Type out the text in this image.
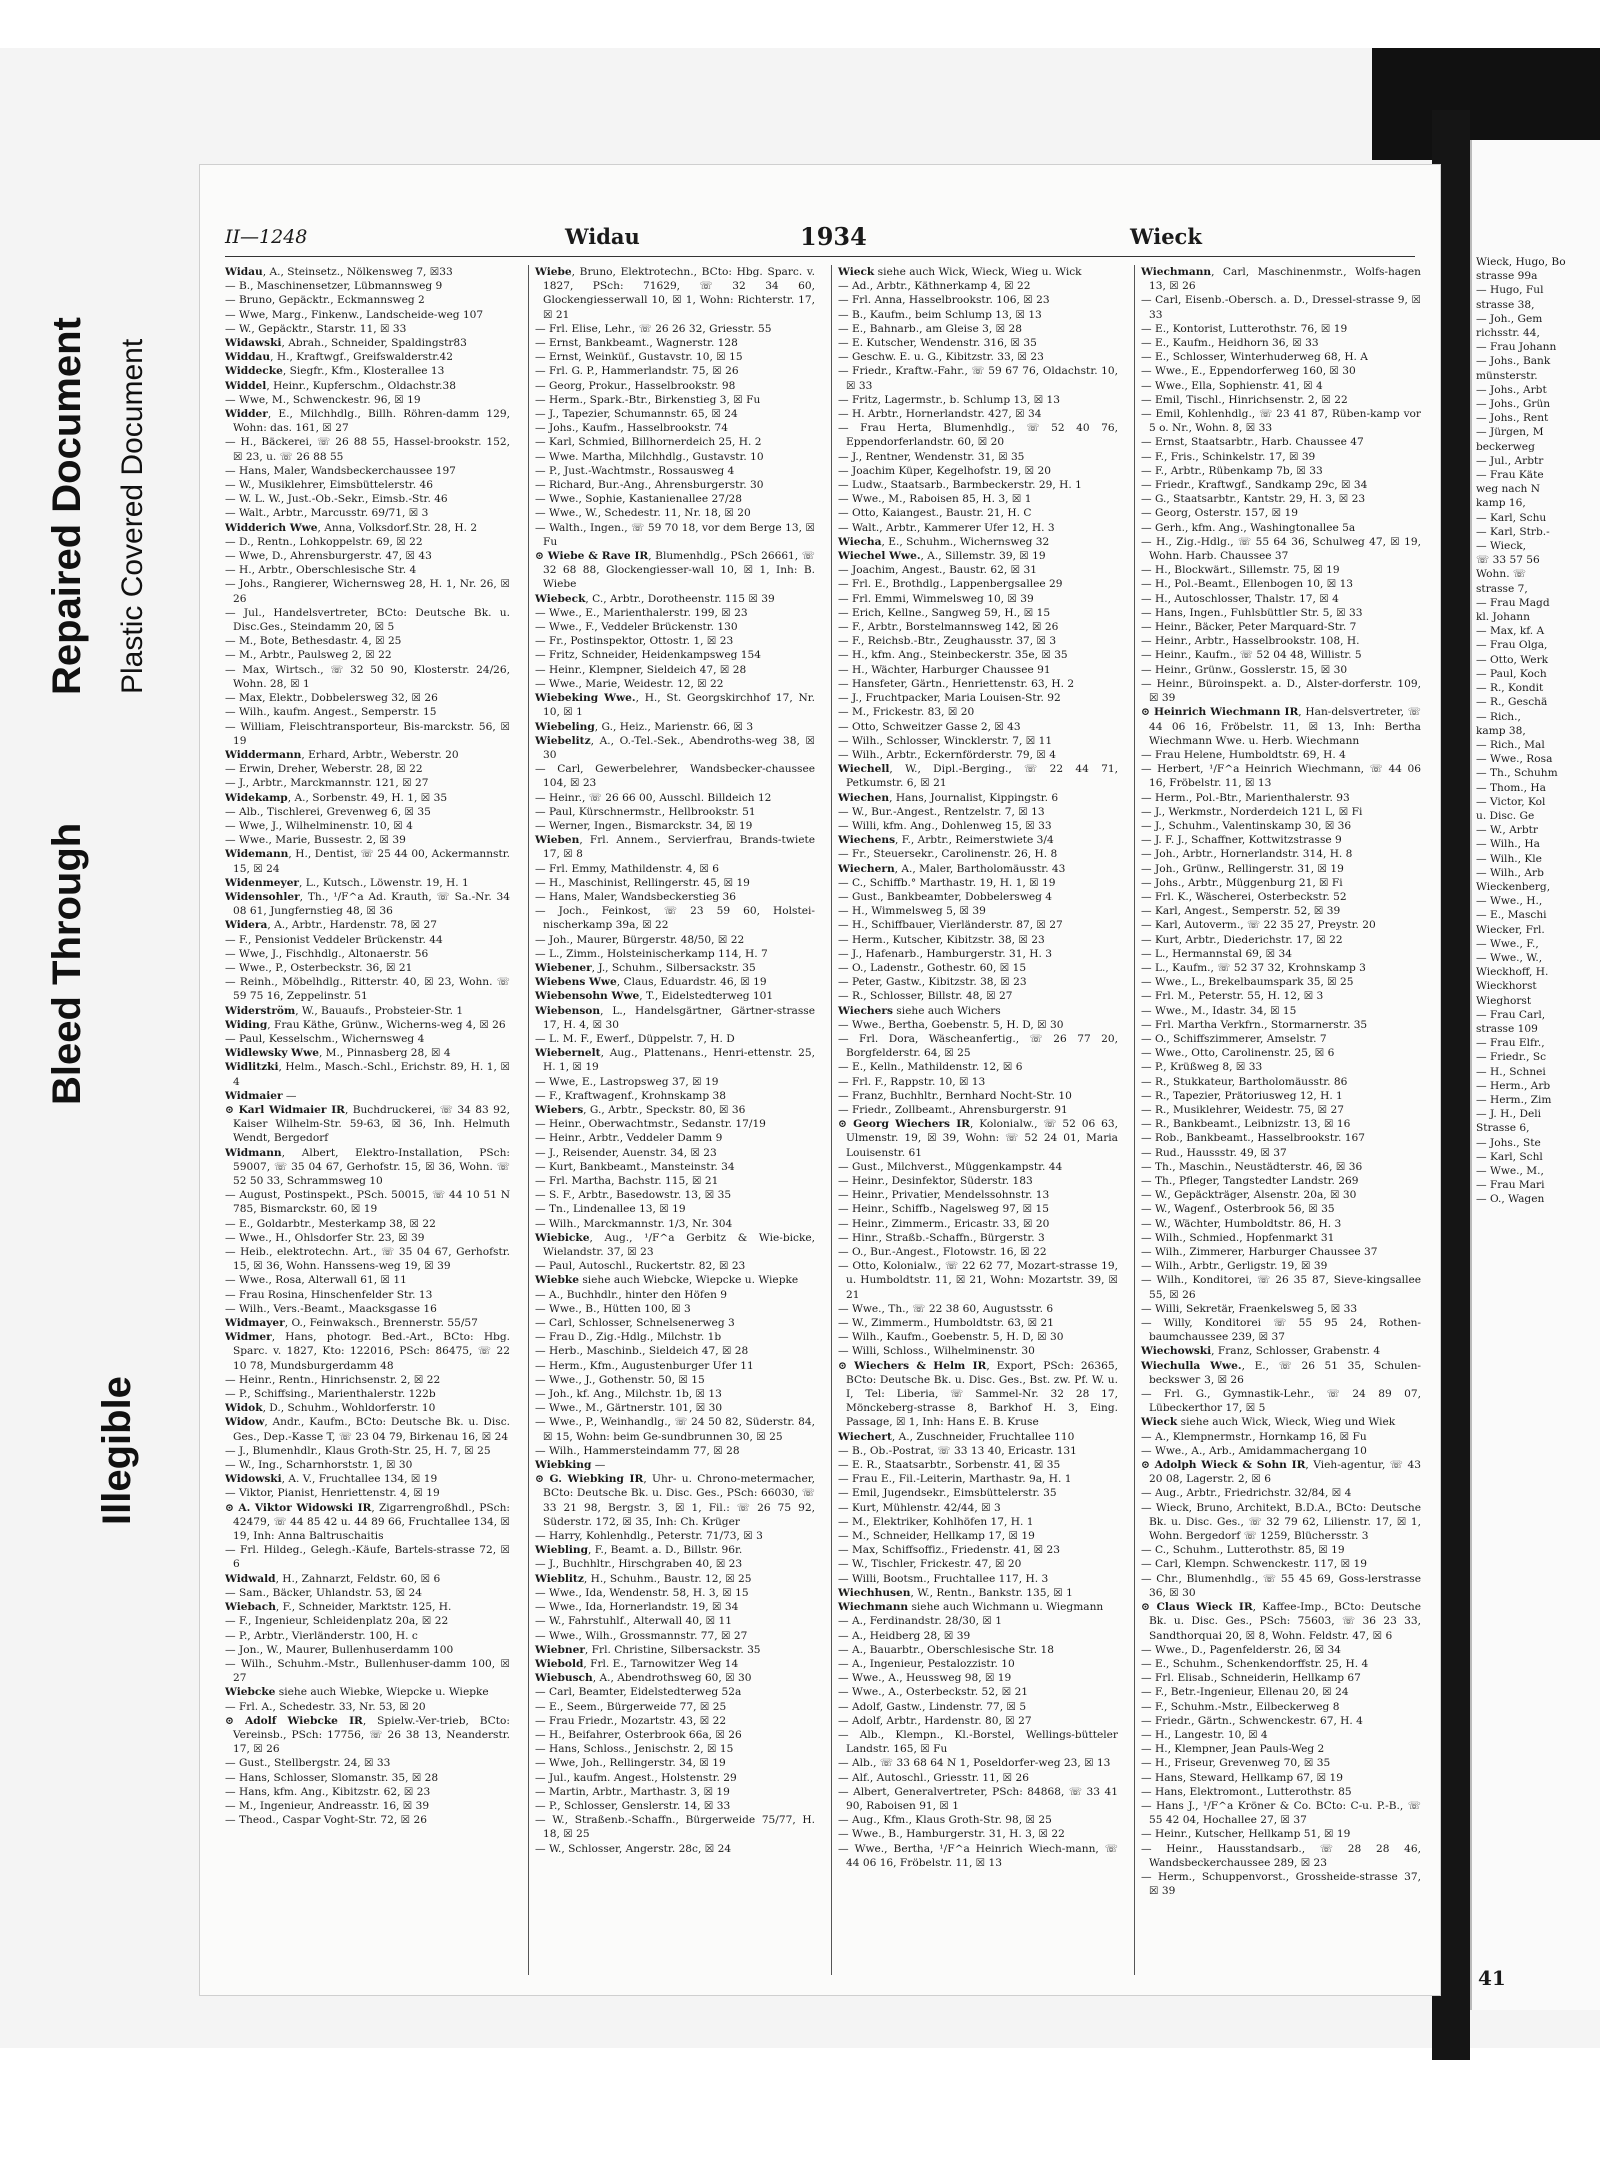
Bleed Through
Repaired Document Plastic Covered Document
Illegible
II—1248	Widau	1934	Wieck

Widau, A., Steinsetz., Nölkensweg 7, ☒33

— B., Maschinensetzer, Lübmannsweg 9

— Bruno, Gepäcktr., Eckmannsweg 2

— Wwe, Marg., Finkenw., Landscheide-weg 107

— W., Gepäcktr., Starstr. 11, ☒ 33

Widawski, Abrah., Schneider, Spaldingstr83

Widdau, H., Kraftwgf., Greifswalderstr.42

Widdecke, Siegfr., Kfm., Klosterallee 13

Widdel, Heinr., Kupferschm., Oldachstr.38

— Wwe, M., Schwenckestr. 96, ☒ 19

Widder, E., Milchhdlg., Billh. Röhren-damm 129, Wohn: das. 161, ☒ 27

— H., Bäckerei, ☏ 26 88 55, Hassel-brookstr. 152, ☒ 23, u. ☏ 26 88 55

— Hans, Maler, Wandsbeckerchaussee 197

— W., Musiklehrer, Eimsbüttelerstr. 46

— W. L. W., Just.-Ob.-Sekr., Eimsb.-Str. 46

— Walt., Arbtr., Marcusstr. 69/71, ☒ 3

Widderich Wwe, Anna, Volksdorf.Str. 28, H. 2

— D., Rentn., Lohkoppelstr. 69, ☒ 22

— Wwe, D., Ahrensburgerstr. 47, ☒ 43

— H., Arbtr., Oberschlesische Str. 4

— Johs., Rangierer, Wichernsweg 28, H. 1, Nr. 26, ☒ 26

— Jul., Handelsvertreter, BCto: Deutsche Bk. u. Disc.Ges., Steindamm 20, ☒ 5

— M., Bote, Bethesdastr. 4, ☒ 25

— M., Arbtr., Paulsweg 2, ☒ 22

— Max, Wirtsch., ☏ 32 50 90, Klosterstr. 24/26, Wohn. 28, ☒ 1

— Max, Elektr., Dobbelersweg 32, ☒ 26

— Wilh., kaufm. Angest., Semperstr. 15

— William, Fleischtransporteur, Bis-marckstr. 56, ☒ 19

Widdermann, Erhard, Arbtr., Weberstr. 20

— Erwin, Dreher, Weberstr. 28, ☒ 22

— J., Arbtr., Marckmannstr. 121, ☒ 27

Widekamp, A., Sorbenstr. 49, H. 1, ☒ 35

— Alb., Tischlerei, Grevenweg 6, ☒ 35

— Wwe, J., Wilhelminenstr. 10, ☒ 4

— Wwe., Marie, Bussestr. 2, ☒ 39

Widemann, H., Dentist, ☏ 25 44 00, Ackermannstr. 15, ☒ 24

Widenmeyer, L., Kutsch., Löwenstr. 19, H. 1

Widensohler, Th., ¹/F^a Ad. Krauth, ☏ Sa.-Nr. 34 08 61, Jungfernstieg 48, ☒ 36

Widera, A., Arbtr., Hardenstr. 78, ☒ 27

— F., Pensionist Veddeler Brückenstr. 44

— Wwe, J., Fischhdlg., Altonaerstr. 56

— Wwe., P., Osterbeckstr. 36, ☒ 21

— Reinh., Möbelhdlg., Ritterstr. 40, ☒ 23, Wohn. ☏ 59 75 16, Zeppelinstr. 51

Widerström, W., Bauaufs., Probsteier-Str. 1

Widing, Frau Käthe, Grünw., Wicherns-weg 4, ☒ 26

— Paul, Kesselschm., Wichernsweg 4

Widlewsky Wwe, M., Pinnasberg 28, ☒ 4

Widlitzki, Helm., Masch.-Schl., Erichstr. 89, H. 1, ☒ 4

Widmaier —

⊙ Karl Widmaier IR, Buchdruckerei, ☏ 34 83 92, Kaiser Wilhelm-Str. 59-63, ☒ 36, Inh. Helmuth Wendt, Bergedorf

Widmann, Albert, Elektro-Installation, PSch: 59007, ☏ 35 04 67, Gerhofstr. 15, ☒ 36, Wohn. ☏ 52 50 33, Schrammsweg 10

— August, Postinspekt., PSch. 50015, ☏ 44 10 51 N 785, Bismarckstr. 60, ☒ 19

— E., Goldarbtr., Mesterkamp 38, ☒ 22

— Wwe., H., Ohlsdorfer Str. 23, ☒ 39

— Heib., elektrotechn. Art., ☏ 35 04 67, Gerhofstr. 15, ☒ 36, Wohn. Hanssens-weg 19, ☒ 39

— Wwe., Rosa, Alterwall 61, ☒ 11

— Frau Rosina, Hinschenfelder Str. 13

— Wilh., Vers.-Beamt., Maacksgasse 16

Widmayer, O., Feinwaksch., Brennerstr. 55/57

Widmer, Hans, photogr. Bed.-Art., BCto: Hbg. Sparc. v. 1827, Kto: 122016, PSch: 86475, ☏ 22 10 78, Mundsburgerdamm 48

— Heinr., Rentn., Hinrichsenstr. 2, ☒ 22

— P., Schiffsing., Marienthalerstr. 122b

Widok, D., Schuhm., Wohldorferstr. 10

Widow, Andr., Kaufm., BCto: Deutsche Bk. u. Disc. Ges., Dep.-Kasse T, ☏ 23 04 79, Birkenau 16, ☒ 24

— J., Blumenhdlr., Klaus Groth-Str. 25, H. 7, ☒ 25

— W., Ing., Scharnhorststr. 1, ☒ 30

Widowski, A. V., Fruchtallee 134, ☒ 19

— Viktor, Pianist, Henriettenstr. 4, ☒ 19

⊙ A. Viktor Widowski IR, Zigarrengroßhdl., PSch: 42479, ☏ 44 85 42 u. 44 89 66, Fruchtallee 134, ☒ 19, Inh: Anna Baltruschaitis

— Frl. Hildeg., Gelegh.-Käufe, Bartels-strasse 72, ☒ 6

Widwald, H., Zahnarzt, Feldstr. 60, ☒ 6

— Sam., Bäcker, Uhlandstr. 53, ☒ 24

Wiebach, F., Schneider, Marktstr. 125, H.

— F., Ingenieur, Schleidenplatz 20a, ☒ 22

— P., Arbtr., Vierländerstr. 100, H. c

— Jon., W., Maurer, Bullenhuserdamm 100

— Wilh., Schuhm.-Mstr., Bullenhuser-damm 100, ☒ 27

Wiebcke siehe auch Wiebke, Wiepcke u. Wiepke

— Frl. A., Schedestr. 33, Nr. 53, ☒ 20

⊙ Adolf Wiebcke IR, Spielw.-Ver-trieb, BCto: Vereinsb., PSch: 17756, ☏ 26 38 13, Neanderstr. 17, ☒ 26

— Gust., Stellbergstr. 24, ☒ 33

— Hans, Schlosser, Slomanstr. 35, ☒ 28

— Hans, kfm. Ang., Kibitzstr. 62, ☒ 23

— M., Ingenieur, Andreasstr. 16, ☒ 39

— Theod., Caspar Voght-Str. 72, ☒ 26

Wiebe, Bruno, Elektrotechn., BCto: Hbg. Sparc. v. 1827, PSch: 71629, ☏ 32 34 60, Glockengiesserwall 10, ☒ 1, Wohn: Richterstr. 17, ☒ 21

— Frl. Elise, Lehr., ☏ 26 26 32, Griesstr. 55

— Ernst, Bankbeamt., Wagnerstr. 128

— Ernst, Weinküf., Gustavstr. 10, ☒ 15

— Frl. G. P., Hammerlandstr. 75, ☒ 26

— Georg, Prokur., Hasselbrookstr. 98

— Herm., Spark.-Btr., Birkenstieg 3, ☒ Fu

— J., Tapezier, Schumannstr. 65, ☒ 24

— Johs., Kaufm., Hasselbrookstr. 74

— Karl, Schmied, Billhornerdeich 25, H. 2

— Wwe. Martha, Milchhdlg., Gustavstr. 10

— P., Just.-Wachtmstr., Rossausweg 4

— Richard, Bur.-Ang., Ahrensburgerstr. 30

— Wwe., Sophie, Kastanienallee 27/28

— Wwe., W., Schedestr. 11, Nr. 18, ☒ 20

— Walth., Ingen., ☏ 59 70 18, vor dem Berge 13, ☒ Fu

⊙ Wiebe & Rave IR, Blumenhdlg., PSch 26661, ☏ 32 68 88, Glockengiesser-wall 10, ☒ 1, Inh: B. Wiebe

Wiebeck, C., Arbtr., Dorotheenstr. 115 ☒ 39

— Wwe., E., Marienthalerstr. 199, ☒ 23

— Wwe., F., Veddeler Brückenstr. 130

— Fr., Postinspektor, Ottostr. 1, ☒ 23

— Fritz, Schneider, Heidenkampsweg 154

— Heinr., Klempner, Sieldeich 47, ☒ 28

— Wwe., Marie, Weidestr. 12, ☒ 22

Wiebeking Wwe., H., St. Georgskirchhof 17, Nr. 10, ☒ 1

Wiebeling, G., Heiz., Marienstr. 66, ☒ 3

Wiebelitz, A., O.-Tel.-Sek., Abendroths-weg 38, ☒ 30

— Carl, Gewerbelehrer, Wandsbecker-chaussee 104, ☒ 23

— Heinr., ☏ 26 66 00, Ausschl. Billdeich 12

— Paul, Kürschnermstr., Hellbrookstr. 51

— Werner, Ingen., Bismarckstr. 34, ☒ 19

Wieben, Frl. Annem., Servierfrau, Brands-twiete 17, ☒ 8

— Frl. Emmy, Mathildenstr. 4, ☒ 6

— H., Maschinist, Rellingerstr. 45, ☒ 19

— Hans, Maler, Wandsbeckerstieg 36

— Joch., Feinkost, ☏ 23 59 60, Holstei-nischerkamp 39a, ☒ 22

— Joh., Maurer, Bürgerstr. 48/50, ☒ 22

— L., Zimm., Holsteinischerkamp 114, H. 7

Wiebener, J., Schuhm., Silbersackstr. 35

Wiebens Wwe, Claus, Eduardstr. 46, ☒ 19

Wiebensohn Wwe, T., Eidelstedterweg 101

Wiebenson, L., Handelsgärtner, Gärtner-strasse 17, H. 4, ☒ 30

— L. M. F., Ewerf., Düppelstr. 7, H. D

Wiebernelt, Aug., Plattenans., Henri-ettenstr. 25, H. 1, ☒ 19

— Wwe, E., Lastropsweg 37, ☒ 19

— F., Kraftwagenf., Krohnskamp 38

Wiebers, G., Arbtr., Speckstr. 80, ☒ 36

— Heinr., Oberwachtmstr., Sedanstr. 17/19

— Heinr., Arbtr., Veddeler Damm 9

— J., Reisender, Auenstr. 34, ☒ 23

— Kurt, Bankbeamt., Mansteinstr. 34

— Frl. Martha, Bachstr. 115, ☒ 21

— S. F., Arbtr., Basedowstr. 13, ☒ 35

— Tn., Lindenallee 13, ☒ 19

— Wilh., Marckmannstr. 1/3, Nr. 304

Wiebicke, Aug., ¹/F^a Gerbitz & Wie-bicke, Wielandstr. 37, ☒ 23

— Paul, Autoschl., Ruckertstr. 82, ☒ 23

Wiebke siehe auch Wiebcke, Wiepcke u. Wiepke

— A., Buchhdlr., hinter den Höfen 9

— Wwe., B., Hütten 100, ☒ 3

— Carl, Schlosser, Schnelsenerweg 3

— Frau D., Zig.-Hdlg., Milchstr. 1b

— Herb., Maschinb., Sieldeich 47, ☒ 28

— Herm., Kfm., Augustenburger Ufer 11

— Wwe., J., Gothenstr. 50, ☒ 15

— Joh., kf. Ang., Milchstr. 1b, ☒ 13

— Wwe., M., Gärtnerstr. 101, ☒ 30

— Wwe., P., Weinhandlg., ☏ 24 50 82, Süderstr. 84, ☒ 15, Wohn: beim Ge-sundbrunnen 30, ☒ 25

— Wilh., Hammersteindamm 77, ☒ 28

Wiebking —

⊙ G. Wiebking IR, Uhr- u. Chrono-metermacher, BCto: Deutsche Bk. u. Disc. Ges., PSch: 66030, ☏ 33 21 98, Bergstr. 3, ☒ 1, Fil.: ☏ 26 75 92, Süderstr. 172, ☒ 35, Inh: Ch. Krüger

— Harry, Kohlenhdlg., Peterstr. 71/73, ☒ 3

Wiebling, F., Beamt. a. D., Billstr. 96r.

— J., Buchhltr., Hirschgraben 40, ☒ 23

Wieblitz, H., Schuhm., Baustr. 12, ☒ 25

— Wwe., Ida, Wendenstr. 58, H. 3, ☒ 15

— Wwe., Ida, Hornerlandstr. 19, ☒ 34

— W., Fahrstuhlf., Alterwall 40, ☒ 11

— Wwe., Wilh., Grossmannstr. 77, ☒ 27

Wiebner, Frl. Christine, Silbersackstr. 35

Wiebold, Frl. E., Tarnowitzer Weg 14

Wiebusch, A., Abendrothsweg 60, ☒ 30

— Carl, Beamter, Eidelstedterweg 52a

— E., Seem., Bürgerweide 77, ☒ 25

— Frau Friedr., Mozartstr. 43, ☒ 22

— H., Beifahrer, Osterbrook 66a, ☒ 26

— Hans, Schloss., Jenischstr. 2, ☒ 15

— Wwe, Joh., Rellingerstr. 34, ☒ 19

— Jul., kaufm. Angest., Holstenstr. 29

— Martin, Arbtr., Marthastr. 3, ☒ 19

— P., Schlosser, Genslerstr. 14, ☒ 33

— W., Straßenb.-Schaffn., Bürgerweide 75/77, H. 18, ☒ 25

— W., Schlosser, Angerstr. 28c, ☒ 24

Wieck siehe auch Wick, Wieck, Wieg u. Wick

— Ad., Arbtr., Käthnerkamp 4, ☒ 22

— Frl. Anna, Hasselbrookstr. 106, ☒ 23

— B., Kaufm., beim Schlump 13, ☒ 13

— E., Bahnarb., am Gleise 3, ☒ 28

— E. Kutscher, Wendenstr. 316, ☒ 35

— Geschw. E. u. G., Kibitzstr. 33, ☒ 23

— Friedr., Kraftw.-Fahr., ☏ 59 67 76, Oldachstr. 10, ☒ 33

— Fritz, Lagermstr., b. Schlump 13, ☒ 13

— H. Arbtr., Hornerlandstr. 427, ☒ 34

— Frau Herta, Blumenhdlg., ☏ 52 40 76, Eppendorferlandstr. 60, ☒ 20

— J., Rentner, Wendenstr. 31, ☒ 35

— Joachim Küper, Kegelhofstr. 19, ☒ 20

— Ludw., Staatsarb., Barmbeckerstr. 29, H. 1

— Wwe., M., Raboisen 85, H. 3, ☒ 1

— Otto, Kaiangest., Baustr. 21, H. C

— Walt., Arbtr., Kammerer Ufer 12, H. 3

Wiecha, E., Schuhm., Wichernsweg 32

Wiechel Wwe., A., Sillemstr. 39, ☒ 19

— Joachim, Angest., Baustr. 62, ☒ 31

— Frl. E., Brothdlg., Lappenbergsallee 29

— Frl. Emmi, Wimmelsweg 10, ☒ 39

— Erich, Kellne., Sangweg 59, H., ☒ 15

— F., Arbtr., Borstelmannsweg 142, ☒ 26

— F., Reichsb.-Btr., Zeughausstr. 37, ☒ 3

— H., kfm. Ang., Steinbeckerstr. 35e, ☒ 35

— H., Wächter, Harburger Chaussee 91

— Hansfeter, Gärtn., Henriettenstr. 63, H. 2

— J., Fruchtpacker, Maria Louisen-Str. 92

— M., Frickestr. 83, ☒ 20

— Otto, Schweitzer Gasse 2, ☒ 43

— Wilh., Schlosser, Wincklerstr. 7, ☒ 11

— Wilh., Arbtr., Eckernförderstr. 79, ☒ 4

Wiechell, W., Dipl.-Berging., ☏ 22 44 71, Petkumstr. 6, ☒ 21

Wiechen, Hans, Journalist, Kippingstr. 6

— W., Bur.-Angest., Rentzelstr. 7, ☒ 13

— Willi, kfm. Ang., Dohlenweg 15, ☒ 33

Wiechens, F., Arbtr., Reimerstwiete 3/4

— Fr., Steuersekr., Carolinenstr. 26, H. 8

Wiechern, A., Maler, Bartholomäusstr. 43

— C., Schiffb.° Marthastr. 19, H. 1, ☒ 19

— Gust., Bankbeamter, Dobbelersweg 4

— H., Wimmelsweg 5, ☒ 39

— H., Schiffbauer, Vierländerstr. 87, ☒ 27

— Herm., Kutscher, Kibitzstr. 38, ☒ 23

— J., Hafenarb., Hamburgerstr. 31, H. 3

— O., Ladenstr., Gothestr. 60, ☒ 15

— Peter, Gastw., Kibitzstr. 38, ☒ 23

— R., Schlosser, Billstr. 48, ☒ 27

Wiechers siehe auch Wichers

— Wwe., Bertha, Goebenstr. 5, H. D, ☒ 30

— Frl. Dora, Wäscheanfertig., ☏ 26 77 20, Borgfelderstr. 64, ☒ 25

— E., Kelln., Mathildenstr. 12, ☒ 6

— Frl. F., Rappstr. 10, ☒ 13

— Franz, Buchhltr., Bernhard Nocht-Str. 10

— Friedr., Zollbeamt., Ahrensburgerstr. 91

⊙ Georg Wiechers IR, Kolonialw., ☏ 52 06 63, Ulmenstr. 19, ☒ 39, Wohn: ☏ 52 24 01, Maria Louisenstr. 61

— Gust., Milchverst., Müggenkampstr. 44

— Heinr., Desinfektor, Süderstr. 183

— Heinr., Privatier, Mendelssohnstr. 13

— Heinr., Schiffb., Nagelsweg 97, ☒ 15

— Heinr., Zimmerm., Ericastr. 33, ☒ 20

— Hinr., Straßb.-Schaffn., Bürgerstr. 3

— O., Bur.-Angest., Flotowstr. 16, ☒ 22

— Otto, Kolonialw., ☏ 22 62 77, Mozart-strasse 19, u. Humboldtstr. 11, ☒ 21, Wohn: Mozartstr. 39, ☒ 21

— Wwe., Th., ☏ 22 38 60, Augustsstr. 6

— W., Zimmerm., Humboldtstr. 63, ☒ 21

— Wilh., Kaufm., Goebenstr. 5, H. D, ☒ 30

— Willi, Schloss., Wilhelminenstr. 30

⊙ Wiechers & Helm IR, Export, PSch: 26365, BCto: Deutsche Bk. u. Disc. Ges., Bst. zw. Pf. W. u. I, Tel: Liberia, ☏ Sammel-Nr. 32 28 17, Mönckeberg-strasse 8, Barkhof H. 3, Eing. Passage, ☒ 1, Inh: Hans E. B. Kruse

Wiechert, A., Zuschneider, Fruchtallee 110

— B., Ob.-Postrat, ☏ 33 13 40, Ericastr. 131

— E. R., Staatsarbtr., Sorbenstr. 41, ☒ 35

— Frau E., Fil.-Leiterin, Marthastr. 9a, H. 1

— Emil, Jugendsekr., Eimsbüttelerstr. 35

— Kurt, Mühlenstr. 42/44, ☒ 3

— M., Elektriker, Kohlhöfen 17, H. 1

— M., Schneider, Hellkamp 17, ☒ 19

— Max, Schiffsoffiz., Friedenstr. 41, ☒ 23

— W., Tischler, Frickestr. 47, ☒ 20

— Willi, Bootsm., Fruchtallee 117, H. 3

Wiechhusen, W., Rentn., Bankstr. 135, ☒ 1

Wiechmann siehe auch Wichmann u. Wiegmann

— A., Ferdinandstr. 28/30, ☒ 1

— A., Heidberg 28, ☒ 39

— A., Bauarbtr., Oberschlesische Str. 18

— A., Ingenieur, Pestalozzistr. 10

— Wwe., A., Heussweg 98, ☒ 19

— Wwe., A., Osterbeckstr. 52, ☒ 21

— Adolf, Gastw., Lindenstr. 77, ☒ 5

— Adolf, Arbtr., Hardenstr. 80, ☒ 27

— Alb., Klempn., Kl.-Borstel, Wellings-bütteler Landstr. 165, ☒ Fu

— Alb., ☏ 33 68 64 N 1, Poseldorfer-weg 23, ☒ 13

— Alf., Autoschl., Griesstr. 11, ☒ 26

— Albert, Generalvertreter, PSch: 84868, ☏ 33 41 90, Raboisen 91, ☒ 1

— Aug., Kfm., Klaus Groth-Str. 98, ☒ 25

— Wwe., B., Hamburgerstr. 31, H. 3, ☒ 22

— Wwe., Bertha, ¹/F^a Heinrich Wiech-mann, ☏ 44 06 16, Fröbelstr. 11, ☒ 13

Wiechmann, Carl, Maschinenmstr., Wolfs-hagen 13, ☒ 26

— Carl, Eisenb.-Obersch. a. D., Dressel-strasse 9, ☒ 33

— E., Kontorist, Lutterothstr. 76, ☒ 19

— E., Kaufm., Heidhorn 36, ☒ 33

— E., Schlosser, Winterhuderweg 68, H. A

— Wwe., E., Eppendorferweg 160, ☒ 30

— Wwe., Ella, Sophienstr. 41, ☒ 4

— Emil, Tischl., Hinrichsenstr. 2, ☒ 22

— Emil, Kohlenhdlg., ☏ 23 41 87, Rüben-kamp vor 5 o. Nr., Wohn. 8, ☒ 33

— Ernst, Staatsarbtr., Harb. Chaussee 47

— F., Fris., Schinkelstr. 17, ☒ 39

— F., Arbtr., Rübenkamp 7b, ☒ 33

— Friedr., Kraftwgf., Sandkamp 29c, ☒ 34

— G., Staatsarbtr., Kantstr. 29, H. 3, ☒ 23

— Georg, Osterstr. 157, ☒ 19

— Gerh., kfm. Ang., Washingtonallee 5a

— H., Zig.-Hdlg., ☏ 55 64 36, Schulweg 47, ☒ 19, Wohn. Harb. Chaussee 37

— H., Blockwärt., Sillemstr. 75, ☒ 19

— H., Pol.-Beamt., Ellenbogen 10, ☒ 13

— H., Autoschlosser, Thalstr. 17, ☒ 4

— Hans, Ingen., Fuhlsbüttler Str. 5, ☒ 33

— Heinr., Bäcker, Peter Marquard-Str. 7

— Heinr., Arbtr., Hasselbrookstr. 108, H.

— Heinr., Kaufm., ☏ 52 04 48, Willistr. 5

— Heinr., Grünw., Gosslerstr. 15, ☒ 30

— Heinr., Büroinspekt. a. D., Alster-dorferstr. 109, ☒ 39

⊙ Heinrich Wiechmann IR, Han-delsvertreter, ☏ 44 06 16, Fröbelstr. 11, ☒ 13, Inh: Bertha Wiechmann Wwe. u. Herb. Wiechmann

— Frau Helene, Humboldtstr. 69, H. 4

— Herbert, ¹/F^a Heinrich Wiechmann, ☏ 44 06 16, Fröbelstr. 11, ☒ 13

— Herm., Pol.-Btr., Marienthalerstr. 93

— J., Werkmstr., Norderdeich 121 L, ☒ Fi

— J., Schuhm., Valentinskamp 30, ☒ 36

— J. F. J., Schaffner, Kottwitzstrasse 9

— Joh., Arbtr., Hornerlandstr. 314, H. 8

— Joh., Grünw., Rellingerstr. 31, ☒ 19

— Johs., Arbtr., Müggenburg 21, ☒ Fi

— Frl. K., Wäscherei, Osterbeckstr. 52

— Karl, Angest., Semperstr. 52, ☒ 39

— Karl, Autoverm., ☏ 22 35 27, Preystr. 20

— Kurt, Arbtr., Diederichstr. 17, ☒ 22

— L., Hermannstal 69, ☒ 34

— L., Kaufm., ☏ 52 37 32, Krohnskamp 3

— Wwe., L., Brekelbaumspark 35, ☒ 25

— Frl. M., Peterstr. 55, H. 12, ☒ 3

— Wwe., M., Idastr. 34, ☒ 15

— Frl. Martha Verkfrn., Stormarnerstr. 35

— O., Schiffszimmerer, Amselstr. 7

— Wwe., Otto, Carolinenstr. 25, ☒ 6

— P., Krüßweg 8, ☒ 33

— R., Stukkateur, Bartholomäusstr. 86

— R., Tapezier, Prätoriusweg 12, H. 1

— R., Musiklehrer, Weidestr. 75, ☒ 27

— R., Bankbeamt., Leibnizstr. 13, ☒ 16

— Rob., Bankbeamt., Hasselbrookstr. 167

— Rud., Haussstr. 49, ☒ 37

— Th., Maschin., Neustädterstr. 46, ☒ 36

— Th., Pfleger, Tangstedter Landstr. 269

— W., Gepäckträger, Alsenstr. 20a, ☒ 30

— W., Wagenf., Osterbrook 56, ☒ 35

— W., Wächter, Humboldtstr. 86, H. 3

— Wilh., Schmied., Hopfenmarkt 31

— Wilh., Zimmerer, Harburger Chaussee 37

— Wilh., Arbtr., Gerligstr. 19, ☒ 39

— Wilh., Konditorei, ☏ 26 35 87, Sieve-kingsallee 55, ☒ 26

— Willi, Sekretär, Fraenkelsweg 5, ☒ 33

— Willy, Konditorei ☏ 55 95 24, Rothen-baumchaussee 239, ☒ 37

Wiechowski, Franz, Schlosser, Grabenstr. 4

Wiechulla Wwe., E., ☏ 26 51 35, Schulen-beckswег 3, ☒ 26

— Frl. G., Gymnastik-Lehr., ☏ 24 89 07, Lübeckerthor 17, ☒ 5

Wieck siehe auch Wick, Wieck, Wieg und Wiek

— A., Klempnermstr., Hornkamp 16, ☒ Fu

— Wwe., A., Arb., Amidammachergang 10

⊙ Adolph Wieck & Sohn IR, Vieh-agentur, ☏ 43 20 08, Lagerstr. 2, ☒ 6

— Aug., Arbtr., Friedrichstr. 32/84, ☒ 4

— Wieck, Bruno, Architekt, B.D.A., BCto: Deutsche Bk. u. Disc. Ges., ☏ 32 79 62, Lilienstr. 17, ☒ 1, Wohn. Bergedorf ☏ 1259, Blüchersstr. 3

— C., Schuhm., Lutterothstr. 85, ☒ 19

— Carl, Klempn. Schwenckestr. 117, ☒ 19

— Chr., Blumenhdlg., ☏ 55 45 69, Goss-lerstrasse 36, ☒ 30

⊙ Claus Wieck IR, Kaffee-Imp., BCto: Deutsche Bk. u. Disc. Ges., PSch: 75603, ☏ 36 23 33, Sandthorquai 20, ☒ 8, Wohn. Feldstr. 47, ☒ 6

— Wwe., D., Pagenfelderstr. 26, ☒ 34

— E., Schuhm., Schenkendorffstr. 25, H. 4

— Frl. Elisab., Schneiderin, Hellkamp 67

— F., Betr.-Ingenieur, Ellenau 20, ☒ 24

— F., Schuhm.-Mstr., Eilbeckerweg 8

— Friedr., Gärtn., Schwenckestr. 67, H. 4

— H., Langestr. 10, ☒ 4

— H., Klempner, Jean Pauls-Weg 2

— H., Friseur, Grevenweg 70, ☒ 35

— Hans, Steward, Hellkamp 67, ☒ 19

— Hans, Elektromont., Lutterothstr. 85

— Hans J., ¹/F^a Kröner & Co. BCto: C-u. P.-B., ☏ 55 42 04, Hochallee 27, ☒ 37

— Heinr., Kutscher, Hellkamp 51, ☒ 19

— Heinr., Hausstandsarb., ☏ 28 28 46, Wandsbeckerchaussee 289, ☒ 23

— Herm., Schuppenvorst., Grossheide-strasse 37, ☒ 39

Wieck, Hugo, Bo
strasse 99a
— Hugo, Ful
strasse 38,
— Joh., Gem
richsstr. 44,
— Frau Johann
— Johs., Bank
münsterstr.
— Johs., Arbt
— Johs., Grün
— Johs., Rent
— Jürgen, M
beckerweg
— Jul., Arbtr
— Frau Käte
weg nach N
kamp 16,
— Karl, Schu
— Karl, Strb.-
— Wieck,
☏ 33 57 56
Wohn. ☏
strasse 7,
— Frau Magd
kl. Johann
— Max, kf. A
— Frau Olga,
— Otto, Werk
— Paul, Koch
— R., Kondit
— R., Geschä
— Rich.,
kamp 38,
— Rich., Mal
— Wwe., Rosa
— Th., Schuhm
— Thom., Ha
— Victor, Kol
u. Disc. Ge
— W., Arbtr
— Wilh., Ha
— Wilh., Kle
— Wilh., Arb
Wieckenberg,
— Wwe., H.,
— E., Maschi
Wiecker, Frl.
— Wwe., F.,
— Wwe., W.,
Wieckhoff, H.
Wieckhorst
Wieghorst
— Frau Carl,
strasse 109
— Frau Elfr.,
— Friedr., Sc
— H., Schnei
— Herm., Arb
— Herm., Zim
— J. H., Deli
Strasse 6,
— Johs., Ste
— Karl, Schl
— Wwe., M.,
— Frau Mari
— O., Wagen
41
